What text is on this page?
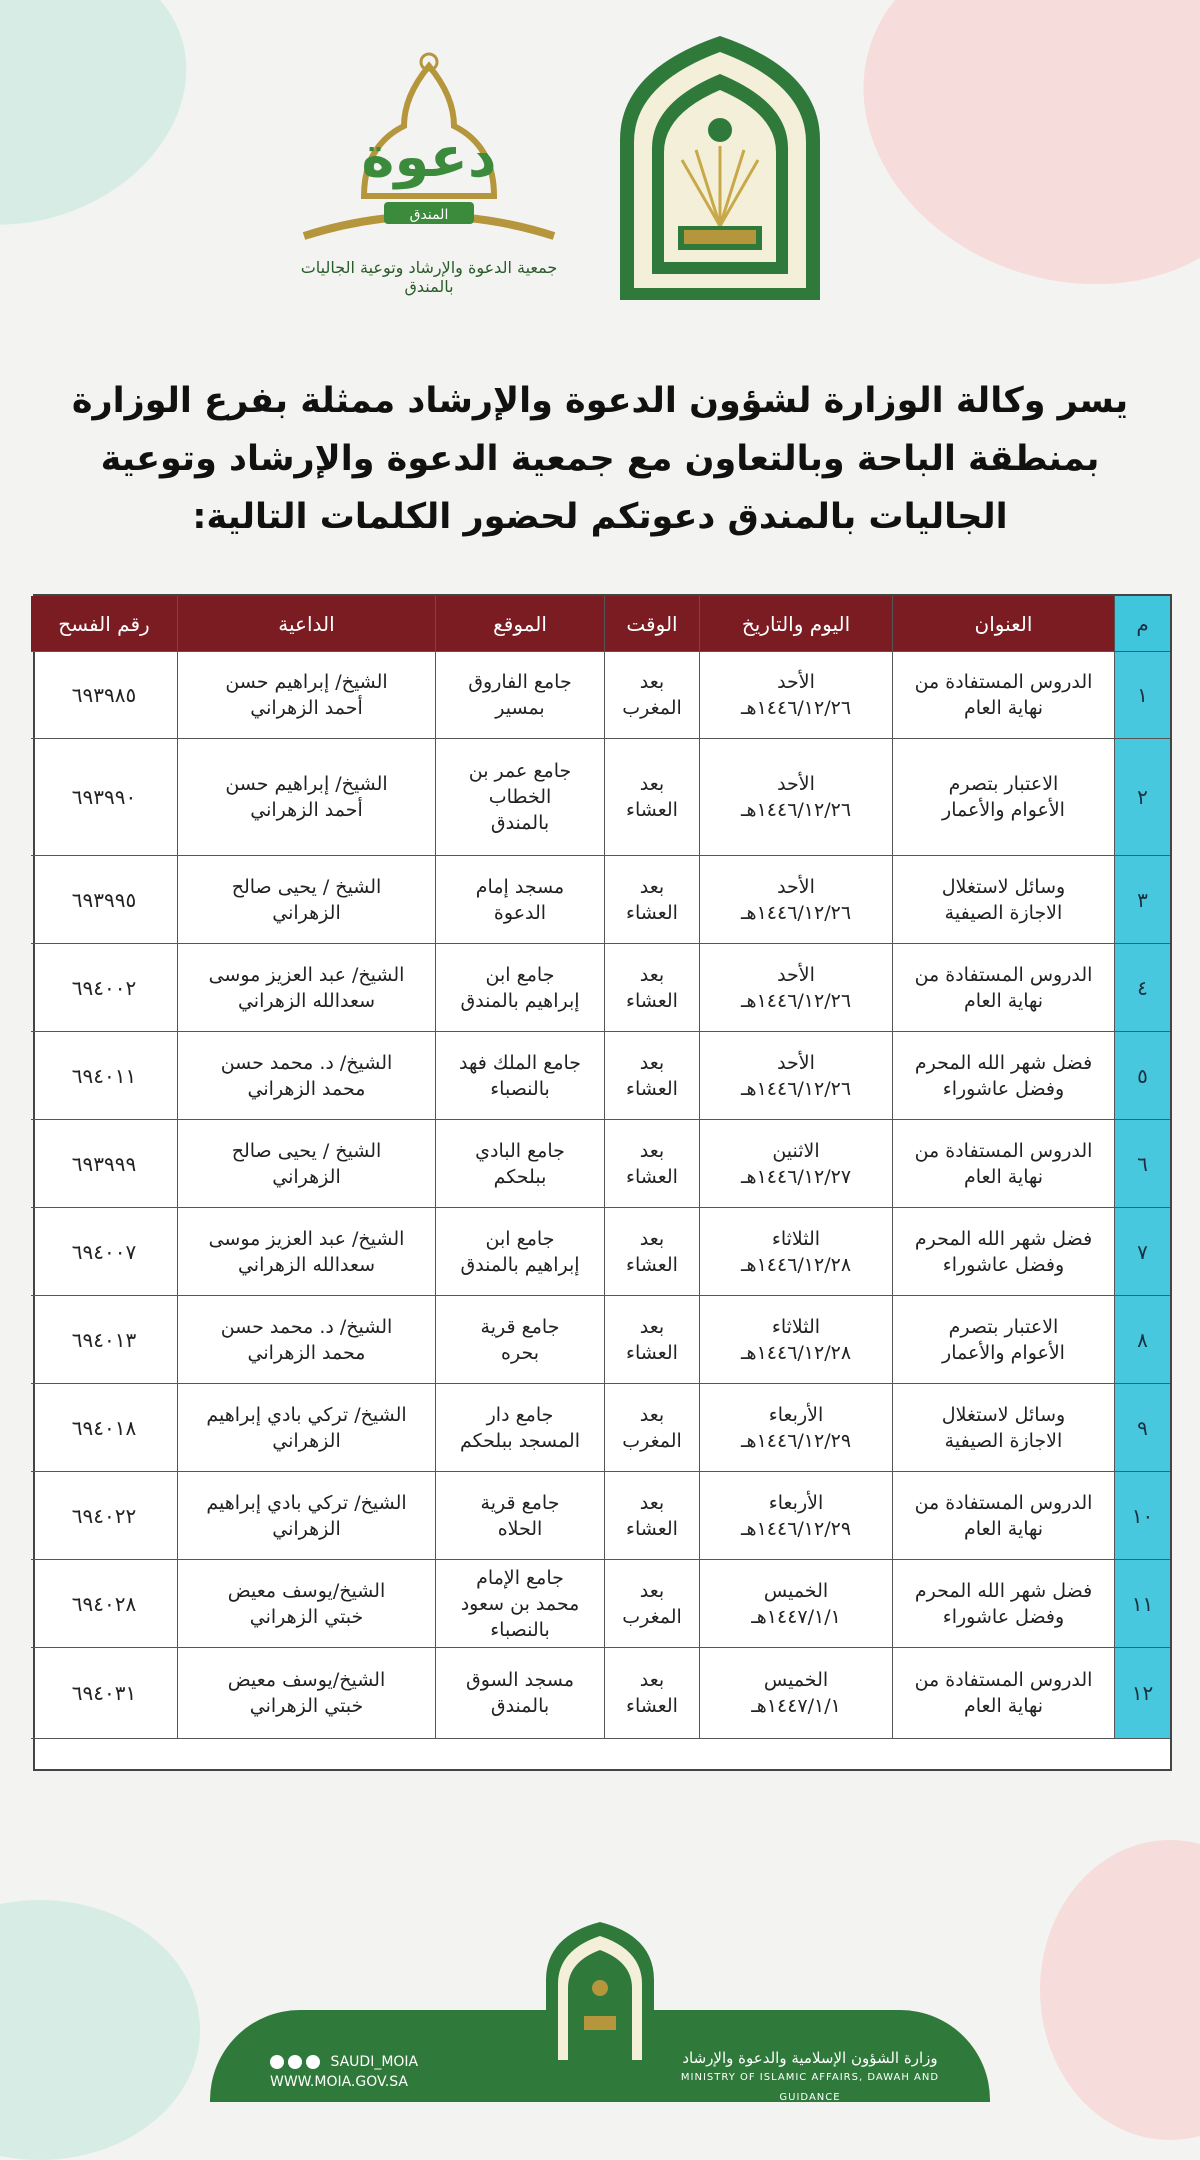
دعوة
المندق
جمعية الدعوة والإرشاد وتوعية الجاليات بالمندق
يسر وكالة الوزارة لشؤون الدعوة والإرشاد ممثلة بفرع الوزارة
بمنطقة الباحة وبالتعاون مع جمعية الدعوة والإرشاد وتوعية
الجاليات بالمندق دعوتكم لحضور الكلمات التالية:
م
العنوان
اليوم والتاريخ
الوقت
الموقع
الداعية
رقم الفسح
١
الدروس المستفادة من
نهاية العام
الأحد
١٤٤٦/١٢/٢٦هـ
بعد
المغرب
جامع الفاروق
بمسير
الشيخ/ إبراهيم حسن
أحمد الزهراني
٦٩٣٩٨٥
٢
الاعتبار بتصرم
الأعوام والأعمار
الأحد
١٤٤٦/١٢/٢٦هـ
بعد
العشاء
جامع عمر بن
الخطاب
بالمندق
الشيخ/ إبراهيم حسن
أحمد الزهراني
٦٩٣٩٩٠
٣
وسائل لاستغلال
الاجازة الصيفية
الأحد
١٤٤٦/١٢/٢٦هـ
بعد
العشاء
مسجد إمام
الدعوة
الشيخ / يحيى صالح
الزهراني
٦٩٣٩٩٥
٤
الدروس المستفادة من
نهاية العام
الأحد
١٤٤٦/١٢/٢٦هـ
بعد
العشاء
جامع ابن
إبراهيم بالمندق
الشيخ/ عبد العزيز موسى
سعدالله الزهراني
٦٩٤٠٠٢
٥
فضل شهر الله المحرم
وفضل عاشوراء
الأحد
١٤٤٦/١٢/٢٦هـ
بعد
العشاء
جامع الملك فهد
بالنصباء
الشيخ/ د. محمد حسن
محمد الزهراني
٦٩٤٠١١
٦
الدروس المستفادة من
نهاية العام
الاثنين
١٤٤٦/١٢/٢٧هـ
بعد
العشاء
جامع البادي
ببلحكم
الشيخ / يحيى صالح
الزهراني
٦٩٣٩٩٩
٧
فضل شهر الله المحرم
وفضل عاشوراء
الثلاثاء
١٤٤٦/١٢/٢٨هـ
بعد
العشاء
جامع ابن
إبراهيم بالمندق
الشيخ/ عبد العزيز موسى
سعدالله الزهراني
٦٩٤٠٠٧
٨
الاعتبار بتصرم
الأعوام والأعمار
الثلاثاء
١٤٤٦/١٢/٢٨هـ
بعد
العشاء
جامع قرية
بحره
الشيخ/ د. محمد حسن
محمد الزهراني
٦٩٤٠١٣
٩
وسائل لاستغلال
الاجازة الصيفية
الأربعاء
١٤٤٦/١٢/٢٩هـ
بعد
المغرب
جامع دار
المسجد ببلحكم
الشيخ/ تركي بادي إبراهيم
الزهراني
٦٩٤٠١٨
١٠
الدروس المستفادة من
نهاية العام
الأربعاء
١٤٤٦/١٢/٢٩هـ
بعد
العشاء
جامع قرية
الحلاه
الشيخ/ تركي بادي إبراهيم
الزهراني
٦٩٤٠٢٢
١١
فضل شهر الله المحرم
وفضل عاشوراء
الخميس
١٤٤٧/١/١هـ
بعد
المغرب
جامع الإمام
محمد بن سعود
بالنصباء
الشيخ/يوسف معيض
خبتي الزهراني
٦٩٤٠٢٨
١٢
الدروس المستفادة من
نهاية العام
الخميس
١٤٤٧/١/١هـ
بعد
العشاء
مسجد السوق
بالمندق
الشيخ/يوسف معيض
خبتي الزهراني
٦٩٤٠٣١
وزارة الشؤون الإسلامية والدعوة والإرشاد
MINISTRY OF ISLAMIC AFFAIRS, DAWAH AND GUIDANCE
SAUDI_MOIA
WWW.MOIA.GOV.SA
